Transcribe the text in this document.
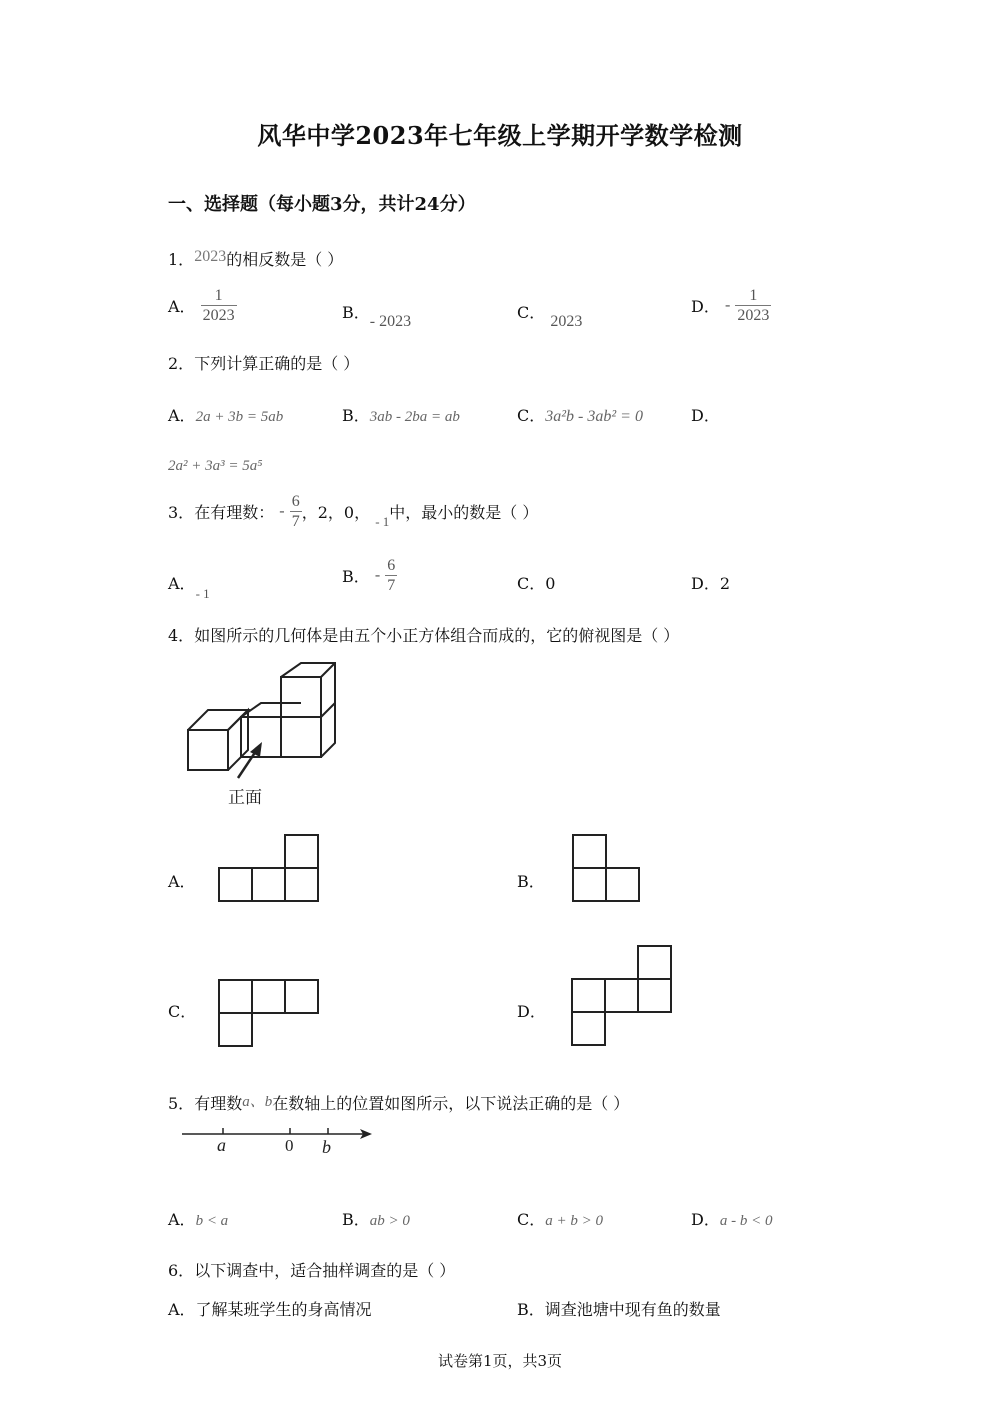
风华中学2023年七年级上学期开学数学检测
一、选择题（每小题3分，共计24分）
1．2023的相反数是（ ）
A． $\frac{1}{2023}$	B．- 2023	C． 2023
D． - $\frac{1}{2023}$
2．下列计算正确的是（ ）
A．2a + 3b = 5ab	B．3ab - 2ba = ab	C．3a²b - 3ab² = 0	D．
2a² + 3a³ = 5a⁵
3．在有理数： - $\frac{6}{7}$ ，2，0， $_{- 1}$中，最小的数是（ ）
A．$_{- 1}$
B． - $\frac{6}{7}$	C．0	D．2
4．如图所示的几何体是由五个小正方体组合而成的，它的俯视图是（ ）
正面
A．	B．
C．	D．
5．有理数a、b在数轴上的位置如图所示，以下说法正确的是（ ）
a	0 b
A．b < a	B．ab > 0	C．a + b > 0	D．a - b < 0
6．以下调查中，适合抽样调查的是（ ）
A．了解某班学生的身高情况	B．调查池塘中现有鱼的数量
试卷第1页，共3页
